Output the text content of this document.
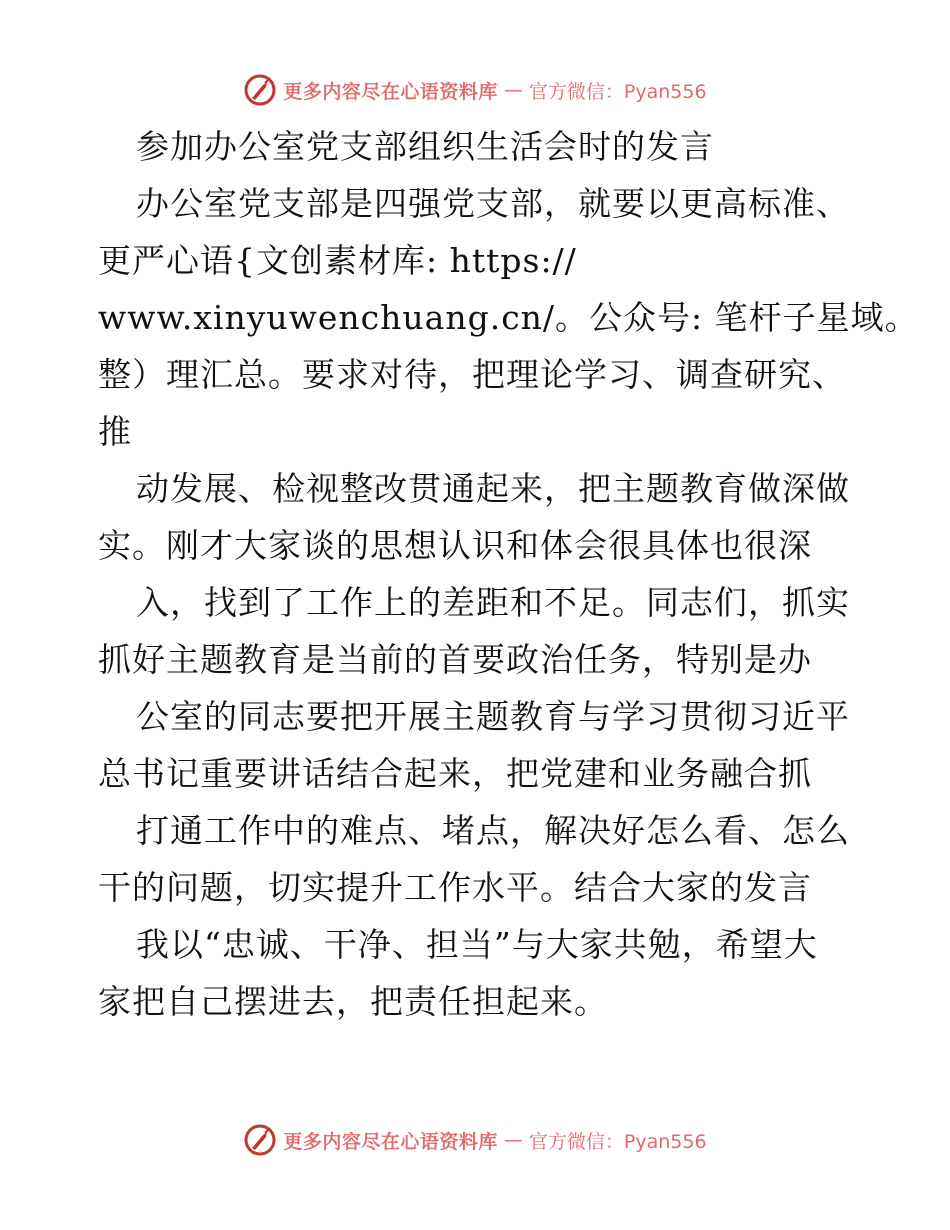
更多内容尽在心语资料库 — 官方微信：Pyan556
参加办公室党支部组织生活会时的发言
办公室党支部是四强党支部，就要以更高标准、
更严心语{文创素材库: https://
www.xinyuwenchuang.cn/。公众号: 笔杆子星域。
整）理汇总。要求对待，把理论学习、调查研究、
推
动发展、检视整改贯通起来，把主题教育做深做
实。刚才大家谈的思想认识和体会很具体也很深
入，找到了工作上的差距和不足。同志们，抓实
抓好主题教育是当前的首要政治任务，特别是办
公室的同志要把开展主题教育与学习贯彻习近平
总书记重要讲话结合起来，把党建和业务融合抓
打通工作中的难点、堵点，解决好怎么看、怎么
干的问题，切实提升工作水平。结合大家的发言
我以“忠诚、干净、担当”与大家共勉，希望大
家把自己摆进去，把责任担起来。
更多内容尽在心语资料库 — 官方微信：Pyan556
